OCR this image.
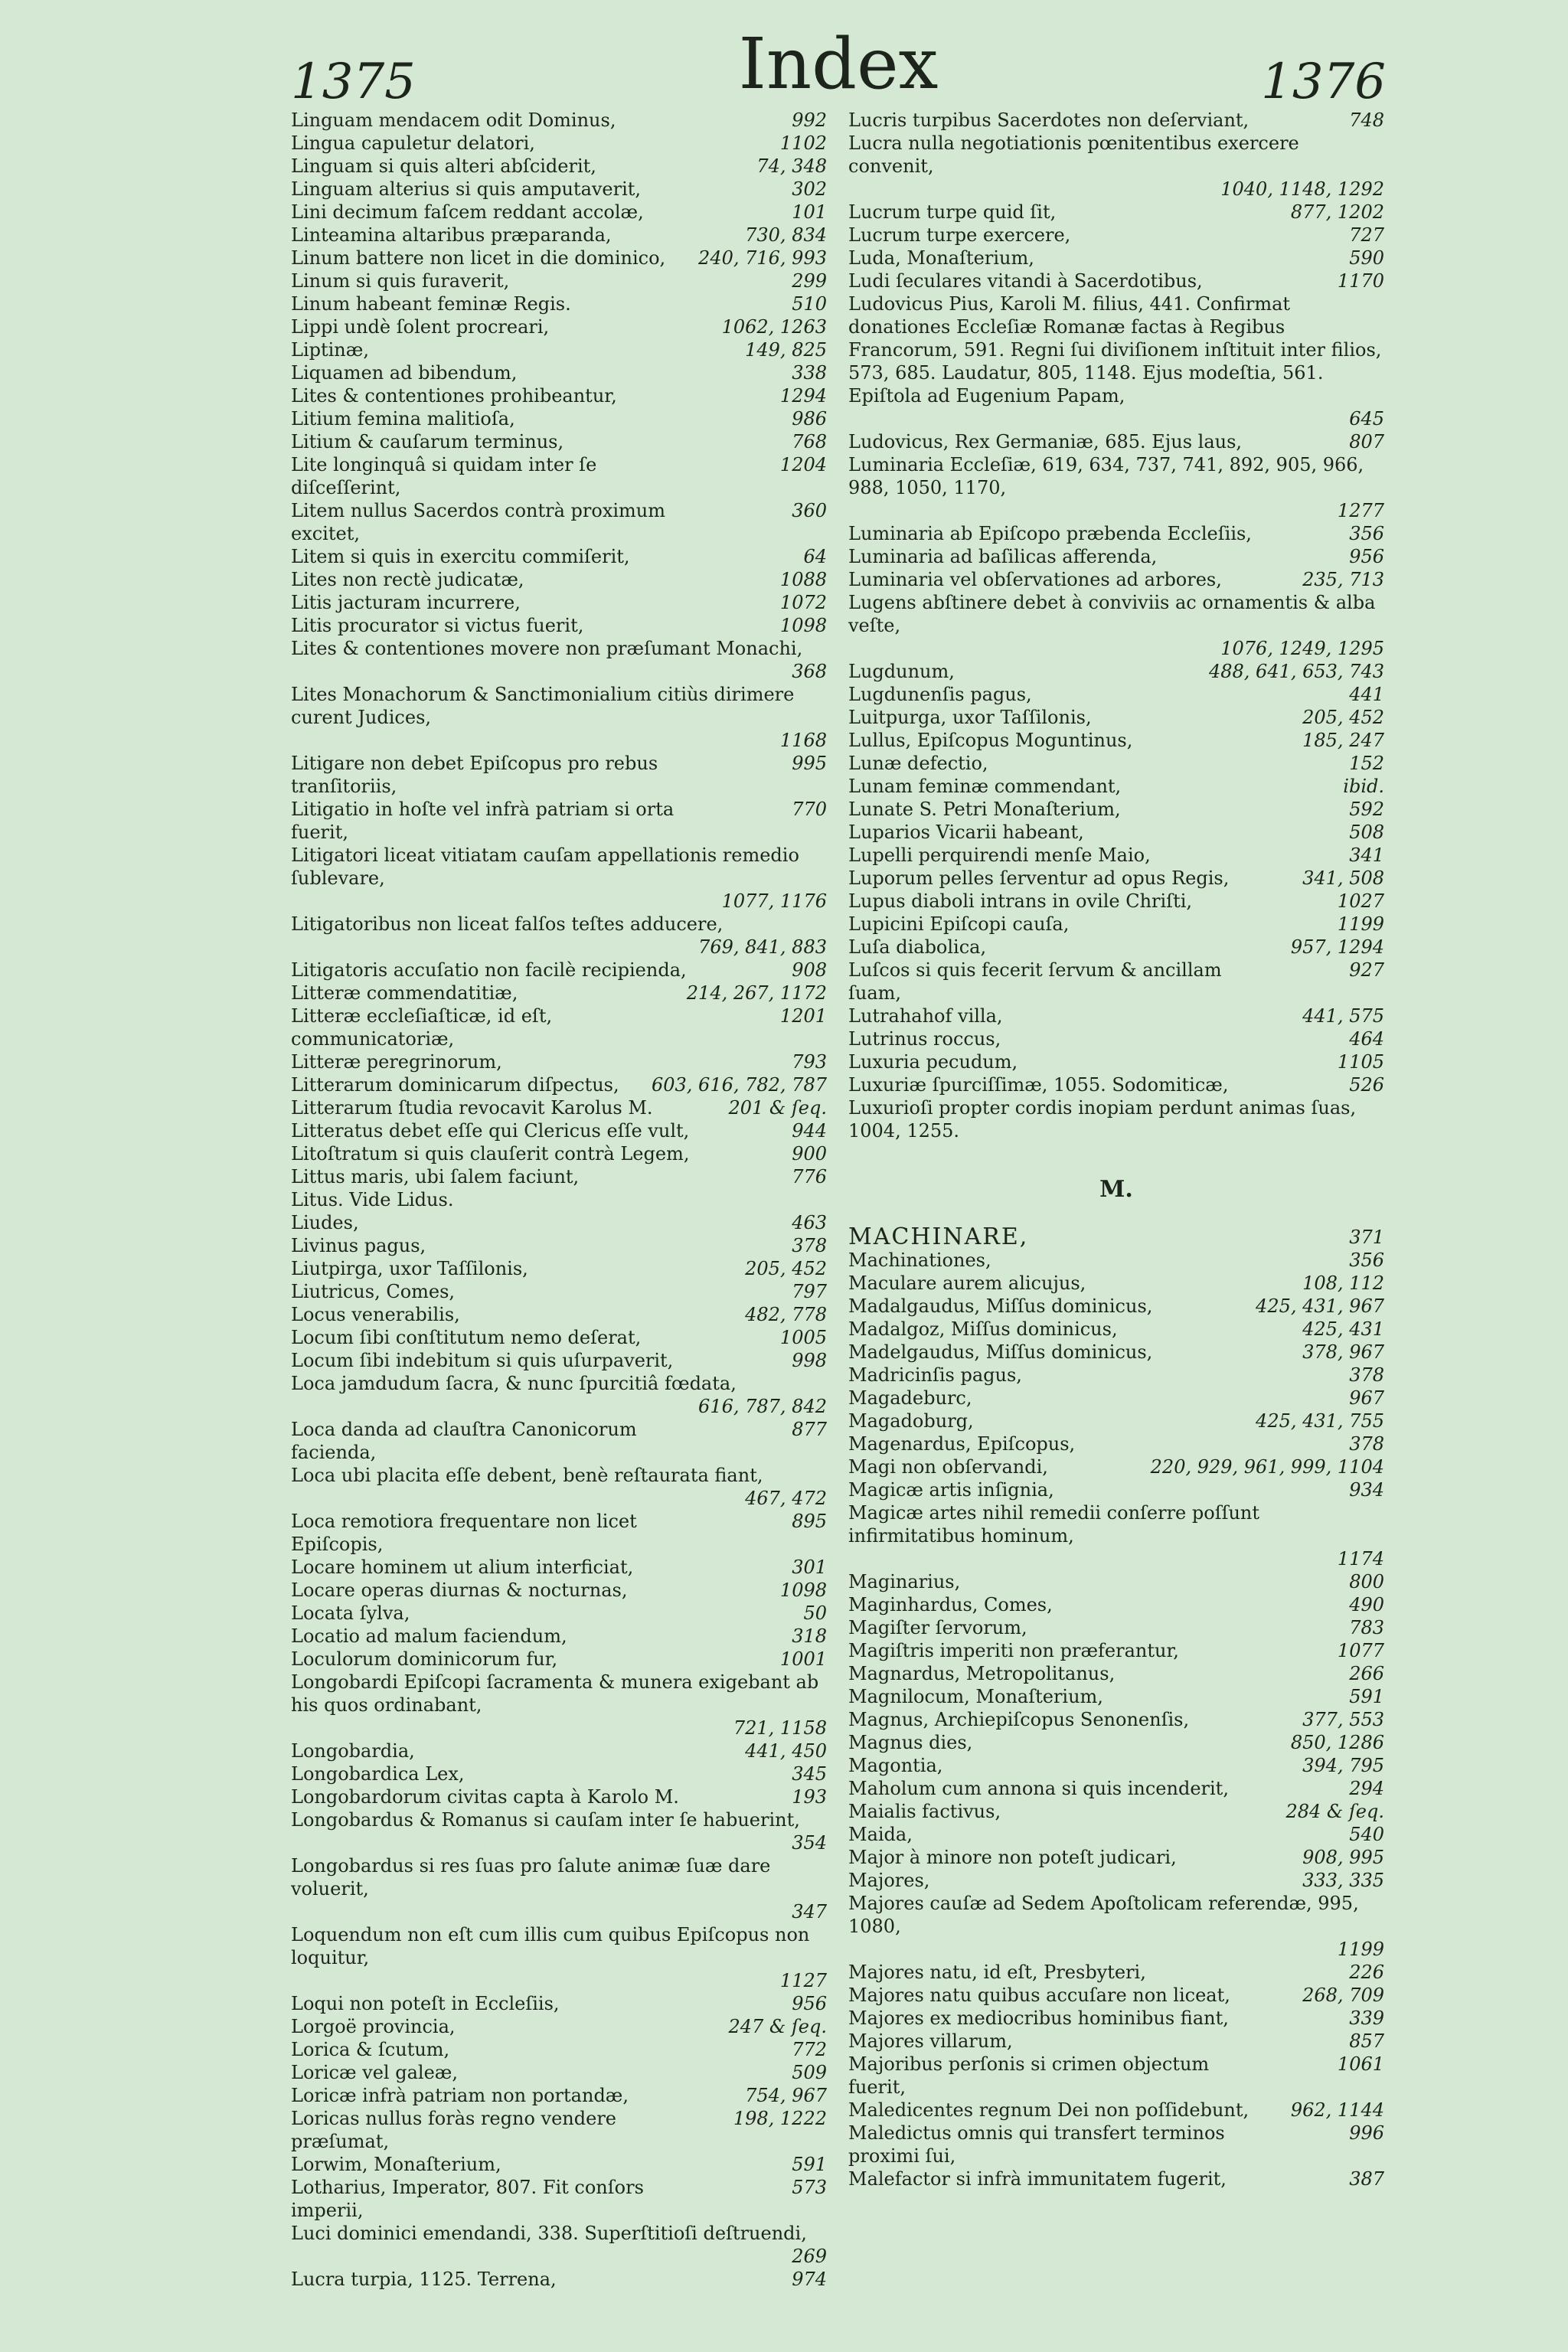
1375	Index	1376
Linguam mendacem odit Dominus,	992
Lingua capuletur delatori,	1102
Linguam si quis alteri abſciderit,	74, 348
Linguam alterius si quis amputaverit,	302
Lini decimum faſcem reddant accolæ,	101
Linteamina altaribus præparanda,	730, 834
Linum battere non licet in die dominico,	240, 716, 993
Linum si quis furaverit,	299
Linum habeant feminæ Regis.	510
Lippi undè ſolent procreari,	1062, 1263
Liptinæ,	149, 825
Liquamen ad bibendum,	338
Lites & contentiones prohibeantur,	1294
Litium femina malitioſa,	986
Litium & cauſarum terminus,	768
Lite longinquâ si quidam inter ſe diſceſſerint,
1204
Litem nullus Sacerdos contrà proximum excitet,
360
Litem si quis in exercitu commiſerit,	64
Lites non rectè judicatæ,	1088
Litis jacturam incurrere,	1072
Litis procurator si victus fuerit,	1098
Lites & contentiones movere non præſumant Monachi,
368
Lites Monachorum & Sanctimonialium citiùs dirimere curent Judices,
1168
Litigare non debet Epiſcopus pro rebus tranſitoriis,
995
Litigatio in hoſte vel infrà patriam si orta fuerit,
770
Litigatori liceat vitiatam cauſam appellationis remedio ſublevare,
1077, 1176
Litigatoribus non liceat falſos teſtes adducere,
769, 841, 883
Litigatoris accuſatio non facilè recipienda,	908
Litteræ commendatitiæ,	214, 267, 1172
Litteræ eccleſiaſticæ, id eſt, communicatoriæ,
1201
Litteræ peregrinorum,	793
Litterarum dominicarum diſpectus,	603, 616, 782, 787
Litterarum ſtudia revocavit Karolus M.	201 & ſeq.
Litteratus debet eſſe qui Clericus eſſe vult,	944
Litoſtratum si quis clauſerit contrà Legem,	900
Littus maris, ubi ſalem faciunt,	776
Litus. Vide Lidus.
Liudes,	463
Livinus pagus,	378
Liutpirga, uxor Taſſilonis,	205, 452
Liutricus, Comes,	797
Locus venerabilis,	482, 778
Locum ſibi conſtitutum nemo deſerat,	1005
Locum ſibi indebitum si quis uſurpaverit,	998
Loca jamdudum ſacra, & nunc ſpurcitiâ fœdata,
616, 787, 842
Loca danda ad clauſtra Canonicorum facienda,
877
Loca ubi placita eſſe debent, benè reſtaurata fiant,
467, 472
Loca remotiora frequentare non licet Epiſcopis,
895
Locare hominem ut alium interficiat,	301
Locare operas diurnas & nocturnas,	1098
Locata ſylva,	50
Locatio ad malum faciendum,	318
Loculorum dominicorum fur,	1001
Longobardi Epiſcopi ſacramenta & munera exigebant ab his quos ordinabant,
721, 1158
Longobardia,	441, 450
Longobardica Lex,	345
Longobardorum civitas capta à Karolo M.	193
Longobardus & Romanus si cauſam inter ſe habuerint,
354
Longobardus si res ſuas pro ſalute animæ ſuæ dare voluerit,
347
Loquendum non eſt cum illis cum quibus Epiſcopus non loquitur,
1127
Loqui non poteſt in Eccleſiis,	956
Lorgoë provincia,	247 & ſeq.
Lorica & ſcutum,	772
Loricæ vel galeæ,	509
Loricæ infrà patriam non portandæ,	754, 967
Loricas nullus foràs regno vendere præſumat,
198, 1222
Lorwim, Monaſterium,	591
Lotharius, Imperator, 807. Fit conſors imperii,
573
Luci dominici emendandi, 338. Superſtitioſi deſtruendi,
269
Lucra turpia, 1125. Terrena,	974
Lucris turpibus Sacerdotes non deſerviant,	748
Lucra nulla negotiationis pœnitentibus exercere convenit,
1040, 1148, 1292
Lucrum turpe quid ſit,	877, 1202
Lucrum turpe exercere,	727
Luda, Monaſterium,	590
Ludi ſeculares vitandi à Sacerdotibus,	1170
Ludovicus Pius, Karoli M. filius, 441. Confirmat donationes Eccleſiæ Romanæ factas à Regibus Francorum, 591. Regni ſui diviſionem inſtituit inter filios, 573, 685. Laudatur, 805, 1148. Ejus modeſtia, 561. Epiſtola ad Eugenium Papam,
645
Ludovicus, Rex Germaniæ, 685. Ejus laus,	807
Luminaria Eccleſiæ, 619, 634, 737, 741, 892, 905, 966, 988, 1050, 1170,
1277
Luminaria ab Epiſcopo præbenda Eccleſiis,	356
Luminaria ad baſilicas afferenda,	956
Luminaria vel obſervationes ad arbores,	235, 713
Lugens abſtinere debet à conviviis ac ornamentis & alba veſte,
1076, 1249, 1295
Lugdunum,	488, 641, 653, 743
Lugdunenſis pagus,	441
Luitpurga, uxor Taſſilonis,	205, 452
Lullus, Epiſcopus Moguntinus,	185, 247
Lunæ defectio,	152
Lunam feminæ commendant,	ibid.
Lunate S. Petri Monaſterium,	592
Luparios Vicarii habeant,	508
Lupelli perquirendi menſe Maio,	341
Luporum pelles ſerventur ad opus Regis,	341, 508
Lupus diaboli intrans in ovile Chriſti,	1027
Lupicini Epiſcopi cauſa,	1199
Luſa diabolica,	957, 1294
Luſcos si quis fecerit ſervum & ancillam ſuam,
927
Lutrahahof villa,	441, 575
Lutrinus roccus,	464
Luxuria pecudum,	1105
Luxuriæ ſpurciſſimæ, 1055. Sodomiticæ,	526
Luxurioſi propter cordis inopiam perdunt animas ſuas, 1004, 1255.
M.
MACHINARE,	371
Machinationes,	356
Maculare aurem alicujus,	108, 112
Madalgaudus, Miſſus dominicus,	425, 431, 967
Madalgoz, Miſſus dominicus,	425, 431
Madelgaudus, Miſſus dominicus,	378, 967
Madricinſis pagus,	378
Magadeburc,	967
Magadoburg,	425, 431, 755
Magenardus, Epiſcopus,	378
Magi non obſervandi,	220, 929, 961, 999, 1104
Magicæ artis inſignia,	934
Magicæ artes nihil remedii conſerre poſſunt infirmitatibus hominum,
1174
Maginarius,	800
Maginhardus, Comes,	490
Magiſter ſervorum,	783
Magiſtris imperiti non præferantur,	1077
Magnardus, Metropolitanus,	266
Magnilocum, Monaſterium,	591
Magnus, Archiepiſcopus Senonenſis,	377, 553
Magnus dies,	850, 1286
Magontia,	394, 795
Maholum cum annona si quis incenderit,	294
Maialis factivus,	284 & ſeq.
Maida,	540
Major à minore non poteſt judicari,	908, 995
Majores,	333, 335
Majores cauſæ ad Sedem Apoſtolicam referendæ, 995, 1080,
1199
Majores natu, id eſt, Presbyteri,	226
Majores natu quibus accuſare non liceat,	268, 709
Majores ex mediocribus hominibus fiant,	339
Majores villarum,	857
Majoribus perſonis si crimen objectum fuerit,
1061
Maledicentes regnum Dei non poſſidebunt, 962, 1144
Maledictus omnis qui transfert terminos proximi ſui,
996
Malefactor si infrà immunitatem fugerit,	387
